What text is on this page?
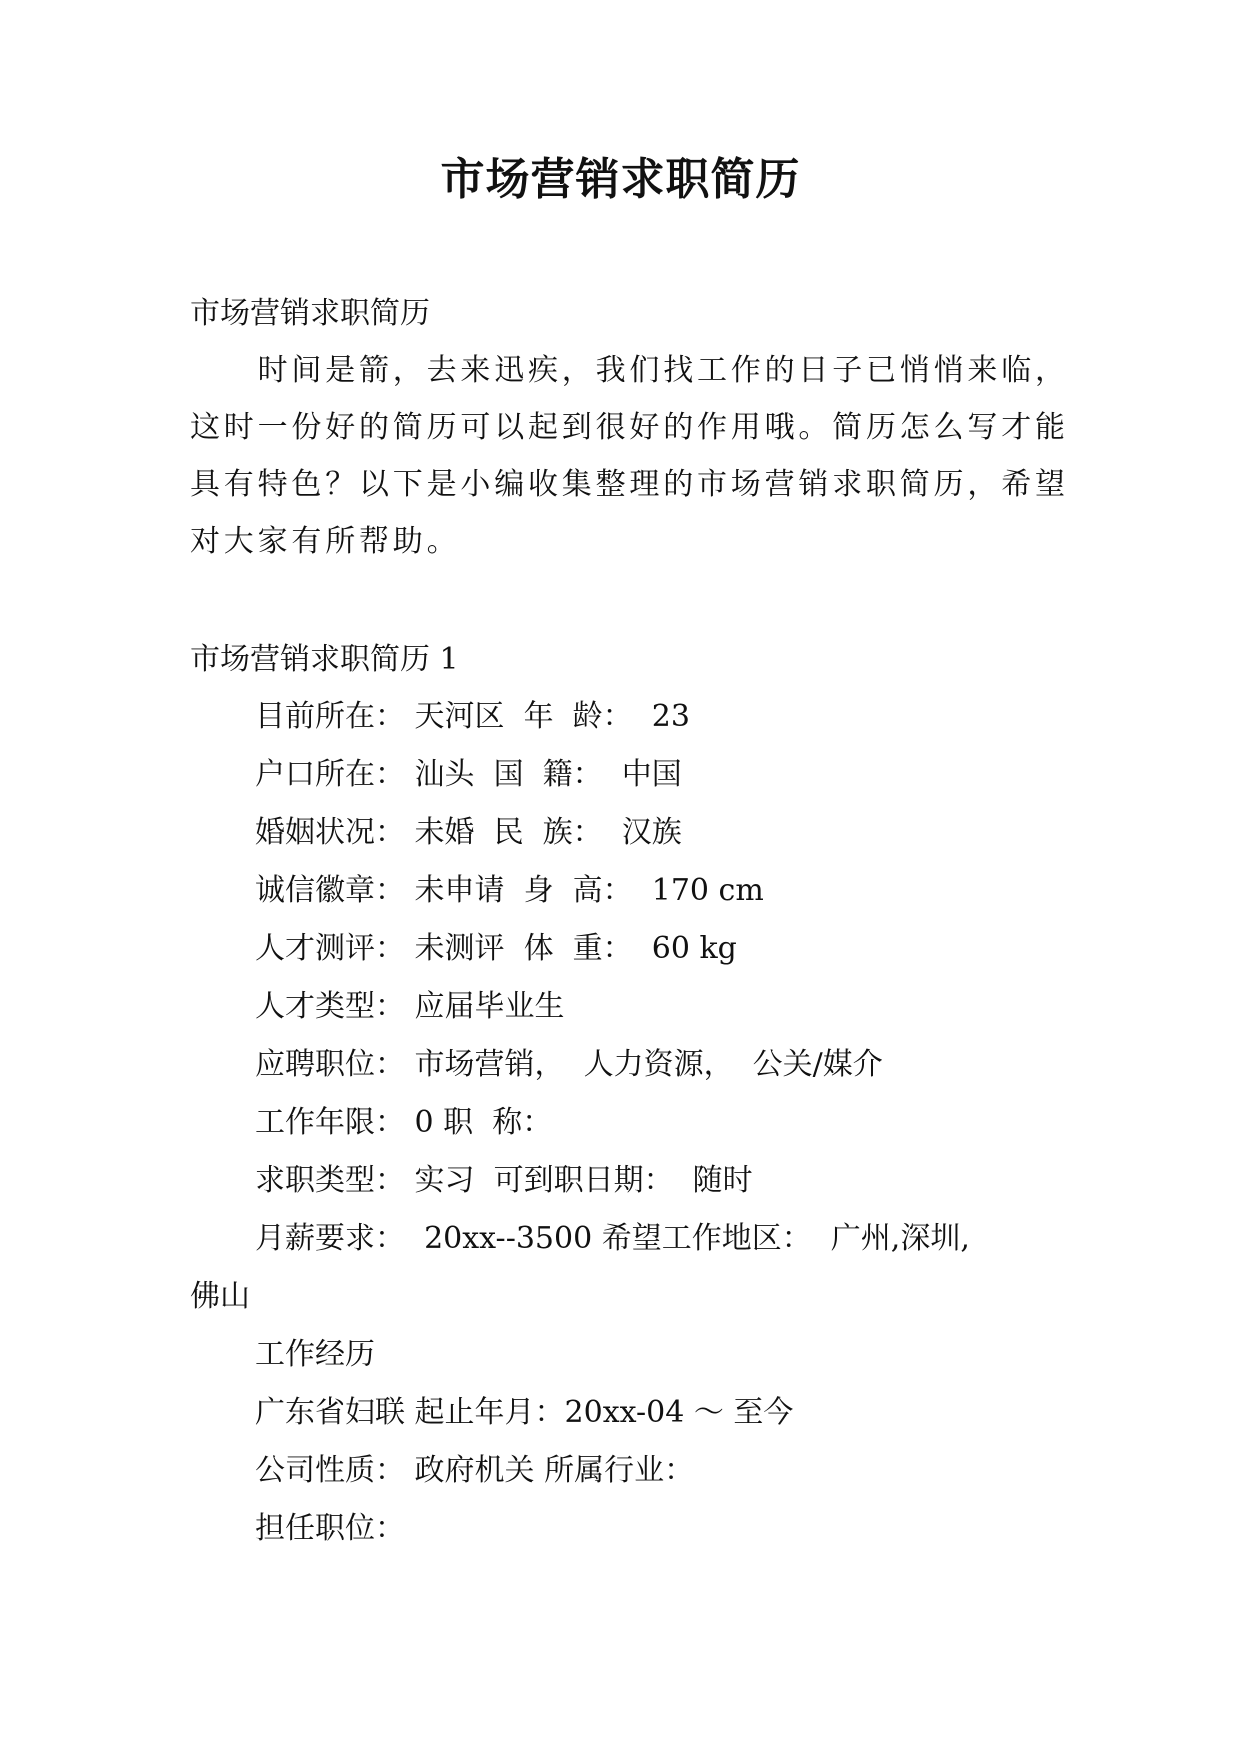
市场营销求职简历
市场营销求职简历
　　时间是箭，去来迅疾，我们找工作的日子已悄悄来临，
这时一份好的简历可以起到很好的作用哦。简历怎么写才能
具有特色？以下是小编收集整理的市场营销求职简历，希望
对大家有所帮助。
市场营销求职简历 1
目前所在： 天河区  年  龄：  23
户口所在： 汕头  国  籍：  中国
婚姻状况： 未婚  民  族：  汉族
诚信徽章： 未申请  身  高：  170 cm
人才测评： 未测评  体  重：  60 kg
人才类型： 应届毕业生
应聘职位： 市场营销，  人力资源，  公关/媒介
工作年限： 0 职  称：
求职类型： 实习  可到职日期：  随时
月薪要求：  20xx--3500 希望工作地区：  广州,深圳,
佛山
工作经历
广东省妇联 起止年月：20xx-04 ～ 至今
公司性质： 政府机关 所属行业：
担任职位：
